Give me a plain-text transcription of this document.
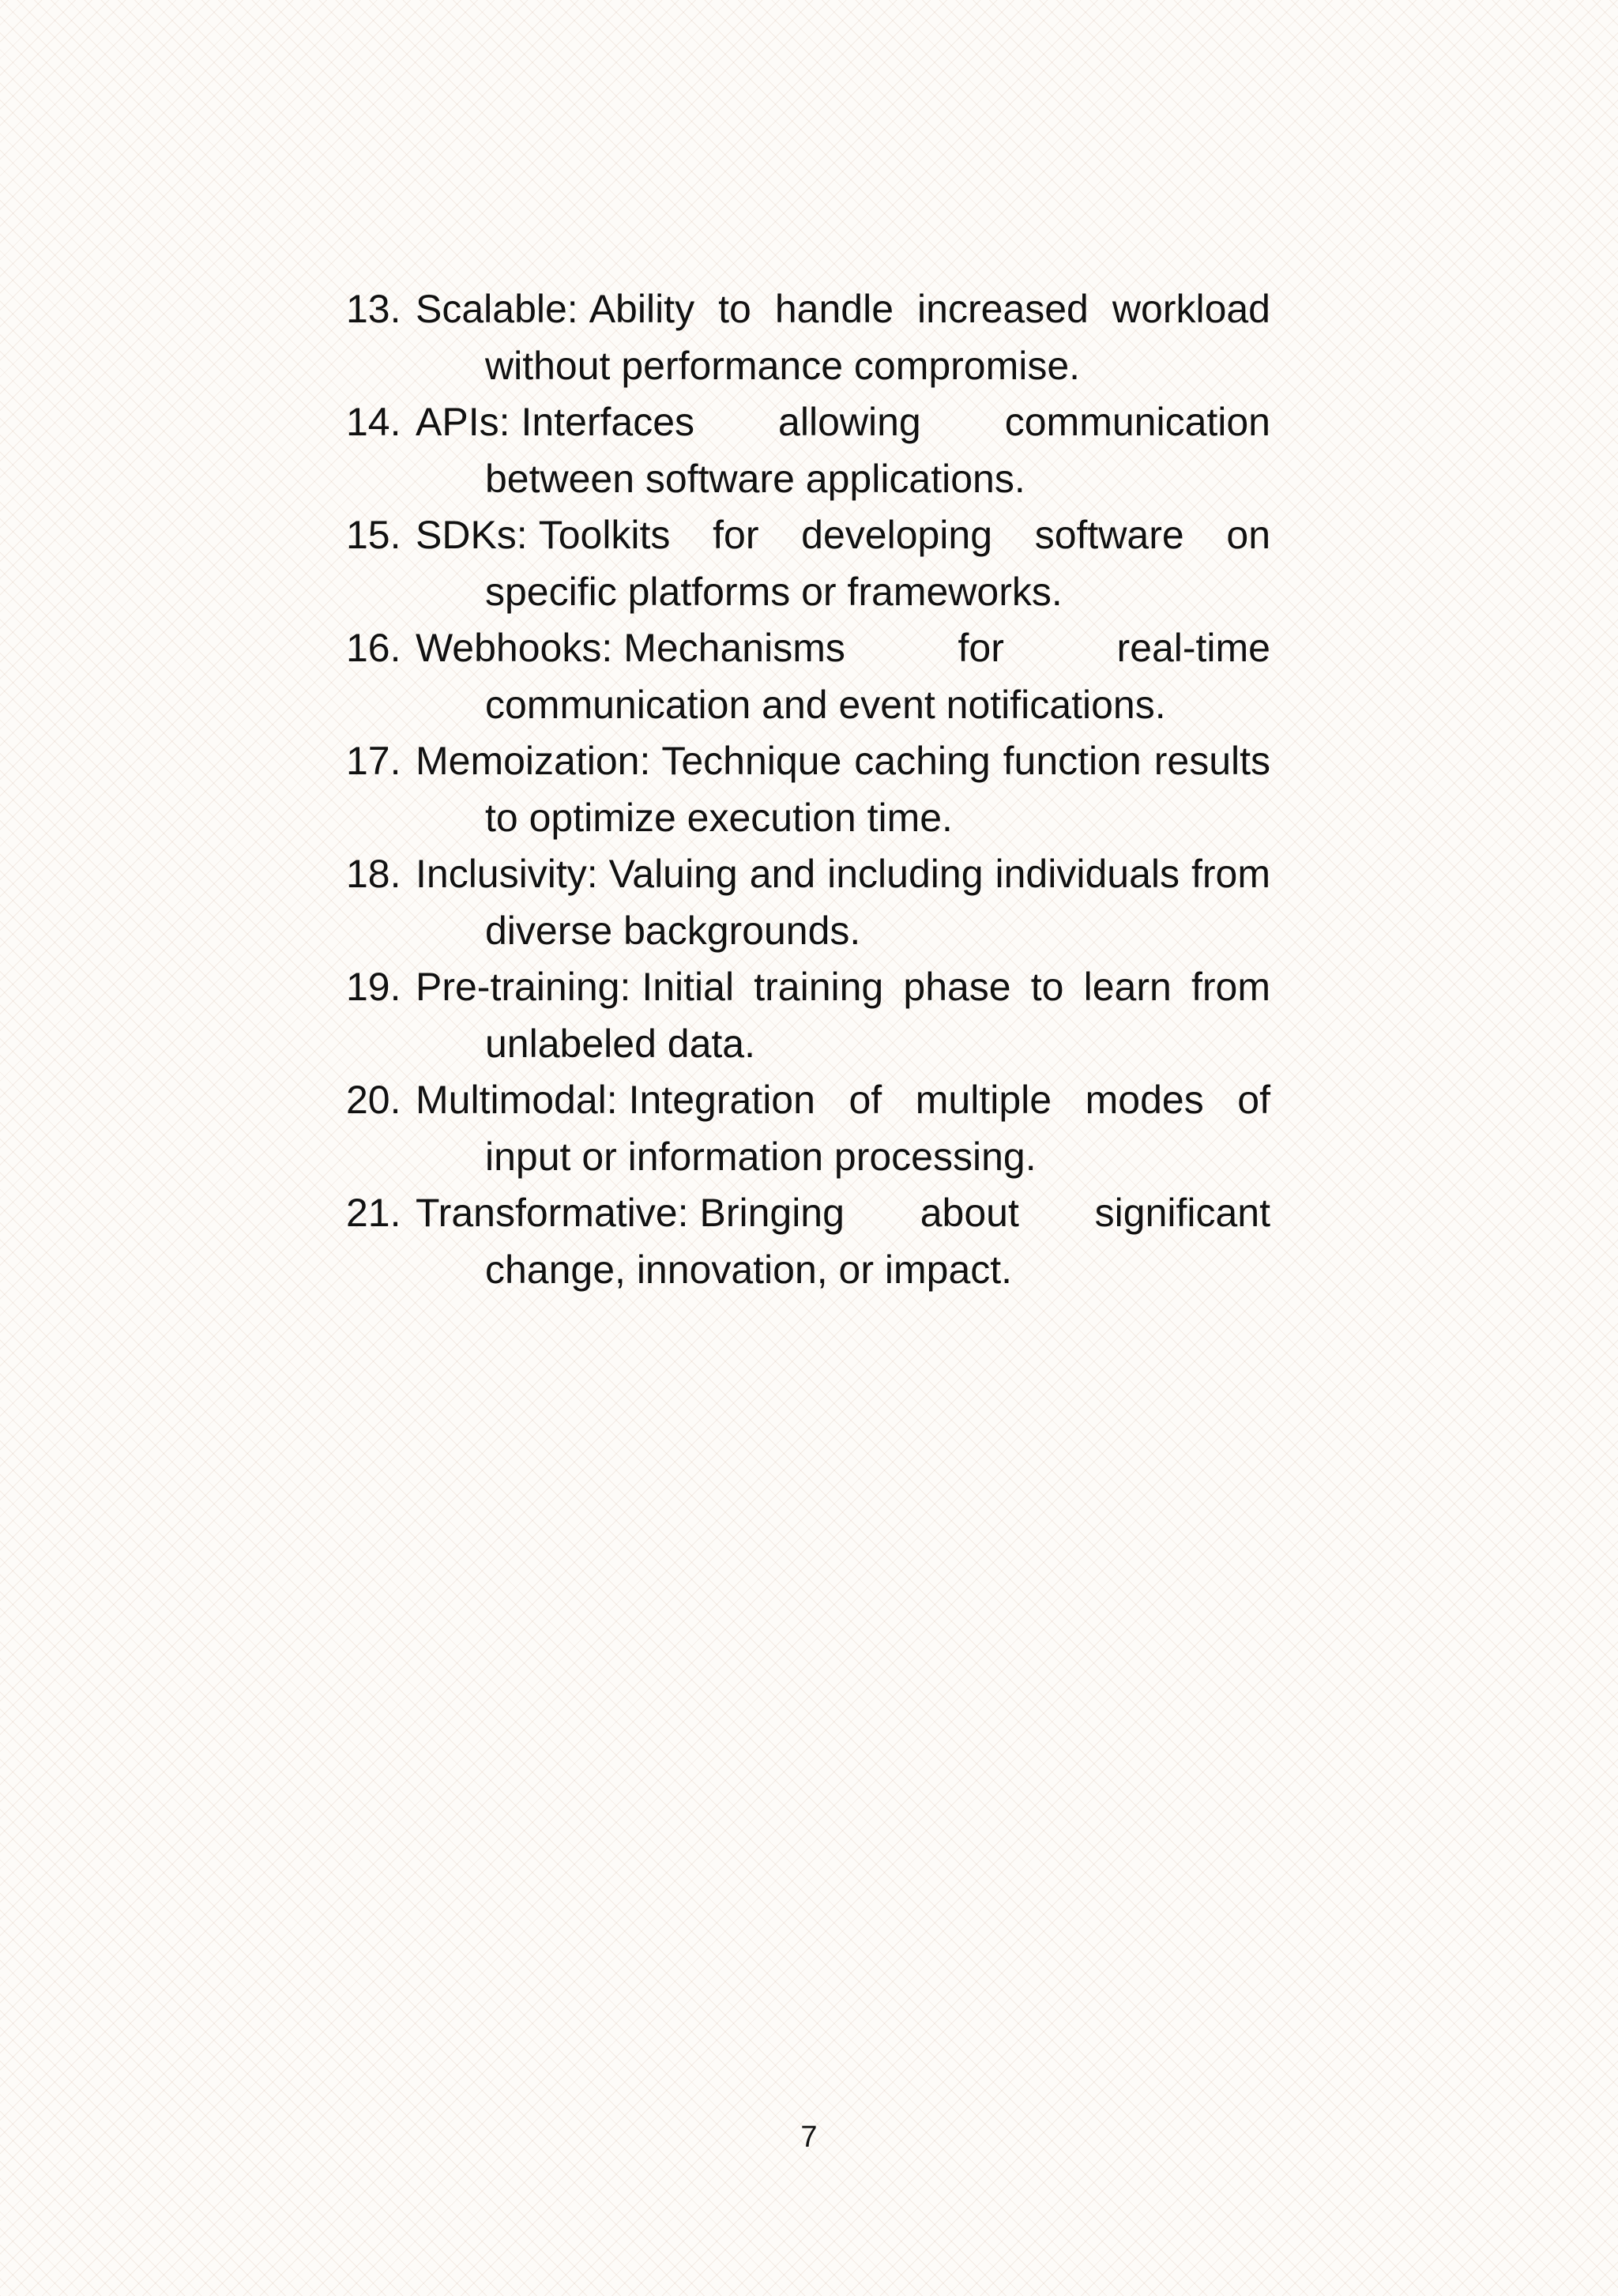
13. Scalable: Ability to handle increased workload without performance compromise.
14. APIs: Interfaces allowing communication between software applications.
15. SDKs: Toolkits for developing software on specific platforms or frameworks.
16. Webhooks: Mechanisms for real-time communication and event notifications.
17. Memoization: Technique caching function results to optimize execution time.
18. Inclusivity: Valuing and including individuals from diverse backgrounds.
19. Pre-training: Initial training phase to learn from unlabeled data.
20. Multimodal: Integration of multiple modes of input or information processing.
21. Transformative: Bringing about significant change, innovation, or impact.
7
